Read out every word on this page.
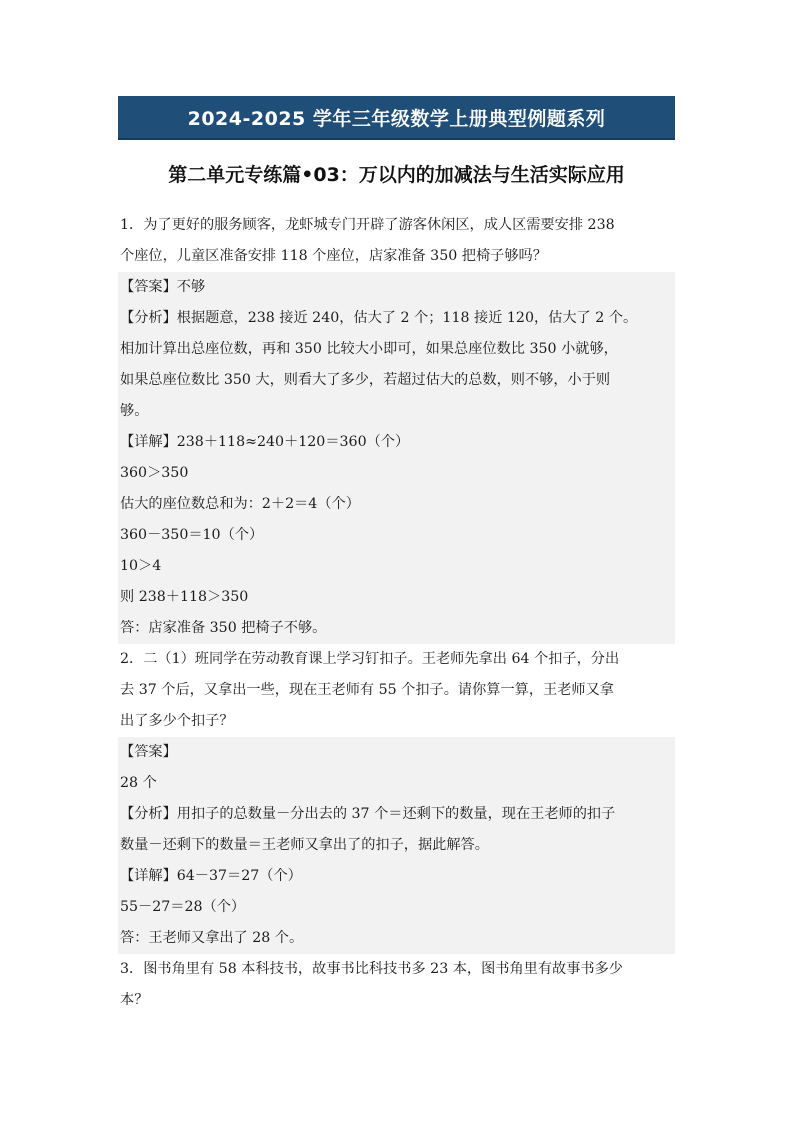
2024-2025 学年三年级数学上册典型例题系列
第二单元专练篇•03：万以内的加减法与生活实际应用
1．为了更好的服务顾客，龙虾城专门开辟了游客休闲区，成人区需要安排 238
个座位，儿童区准备安排 118 个座位，店家准备 350 把椅子够吗？
【答案】不够
【分析】根据题意，238 接近 240，估大了 2 个；118 接近 120，估大了 2 个。
相加计算出总座位数，再和 350 比较大小即可，如果总座位数比 350 小就够，
如果总座位数比 350 大，则看大了多少，若超过估大的总数，则不够，小于则
够。
【详解】238＋118≈240＋120＝360（个）
360＞350
估大的座位数总和为：2＋2＝4（个）
360－350＝10（个）
10＞4
则 238＋118＞350
答：店家准备 350 把椅子不够。
2．二（1）班同学在劳动教育课上学习钉扣子。王老师先拿出 64 个扣子，分出
去 37 个后，又拿出一些，现在王老师有 55 个扣子。请你算一算，王老师又拿
出了多少个扣子？
【答案】
28 个
【分析】用扣子的总数量－分出去的 37 个＝还剩下的数量，现在王老师的扣子
数量－还剩下的数量＝王老师又拿出了的扣子，据此解答。
【详解】64－37＝27（个）
55－27＝28（个）
答：王老师又拿出了 28 个。
3．图书角里有 58 本科技书，故事书比科技书多 23 本，图书角里有故事书多少
本？
